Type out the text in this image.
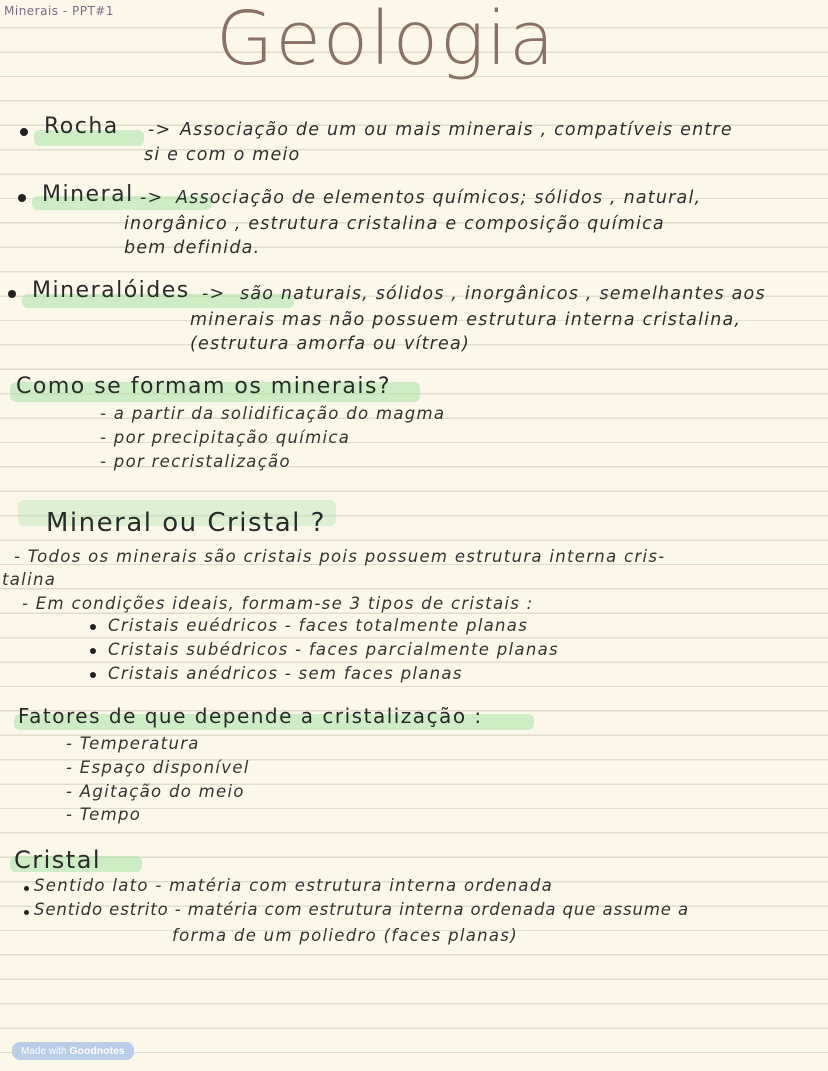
Minerais - PPT#1 Geologia
Rocha -> Associação de um ou mais minerais , compatíveis entre
si e com o meio
Mineral -> Associação de elementos químicos; sólidos , natural,
inorgânico , estrutura cristalina e composição química
bem definida.
Mineralóides -> são naturais, sólidos , inorgânicos , semelhantes aos
minerais mas não possuem estrutura interna cristalina,
(estrutura amorfa ou vítrea)
Como se formam os minerais?
- a partir da solidificação do magma
- por precipitação química
- por recristalização
Mineral ou Cristal ?
- Todos os minerais são cristais pois possuem estrutura interna cris-
talina
- Em condições ideais, formam-se 3 tipos de cristais :
Cristais euédricos - faces totalmente planas
Cristais subédricos - faces parcialmente planas
Cristais anédricos - sem faces planas
Fatores de que depende a cristalização :
- Temperatura
- Espaço disponível
- Agitação do meio
- Tempo
Cristal
Sentido lato - matéria com estrutura interna ordenada
Sentido estrito - matéria com estrutura interna ordenada que assume a
forma de um poliedro (faces planas)
Made with Goodnotes
